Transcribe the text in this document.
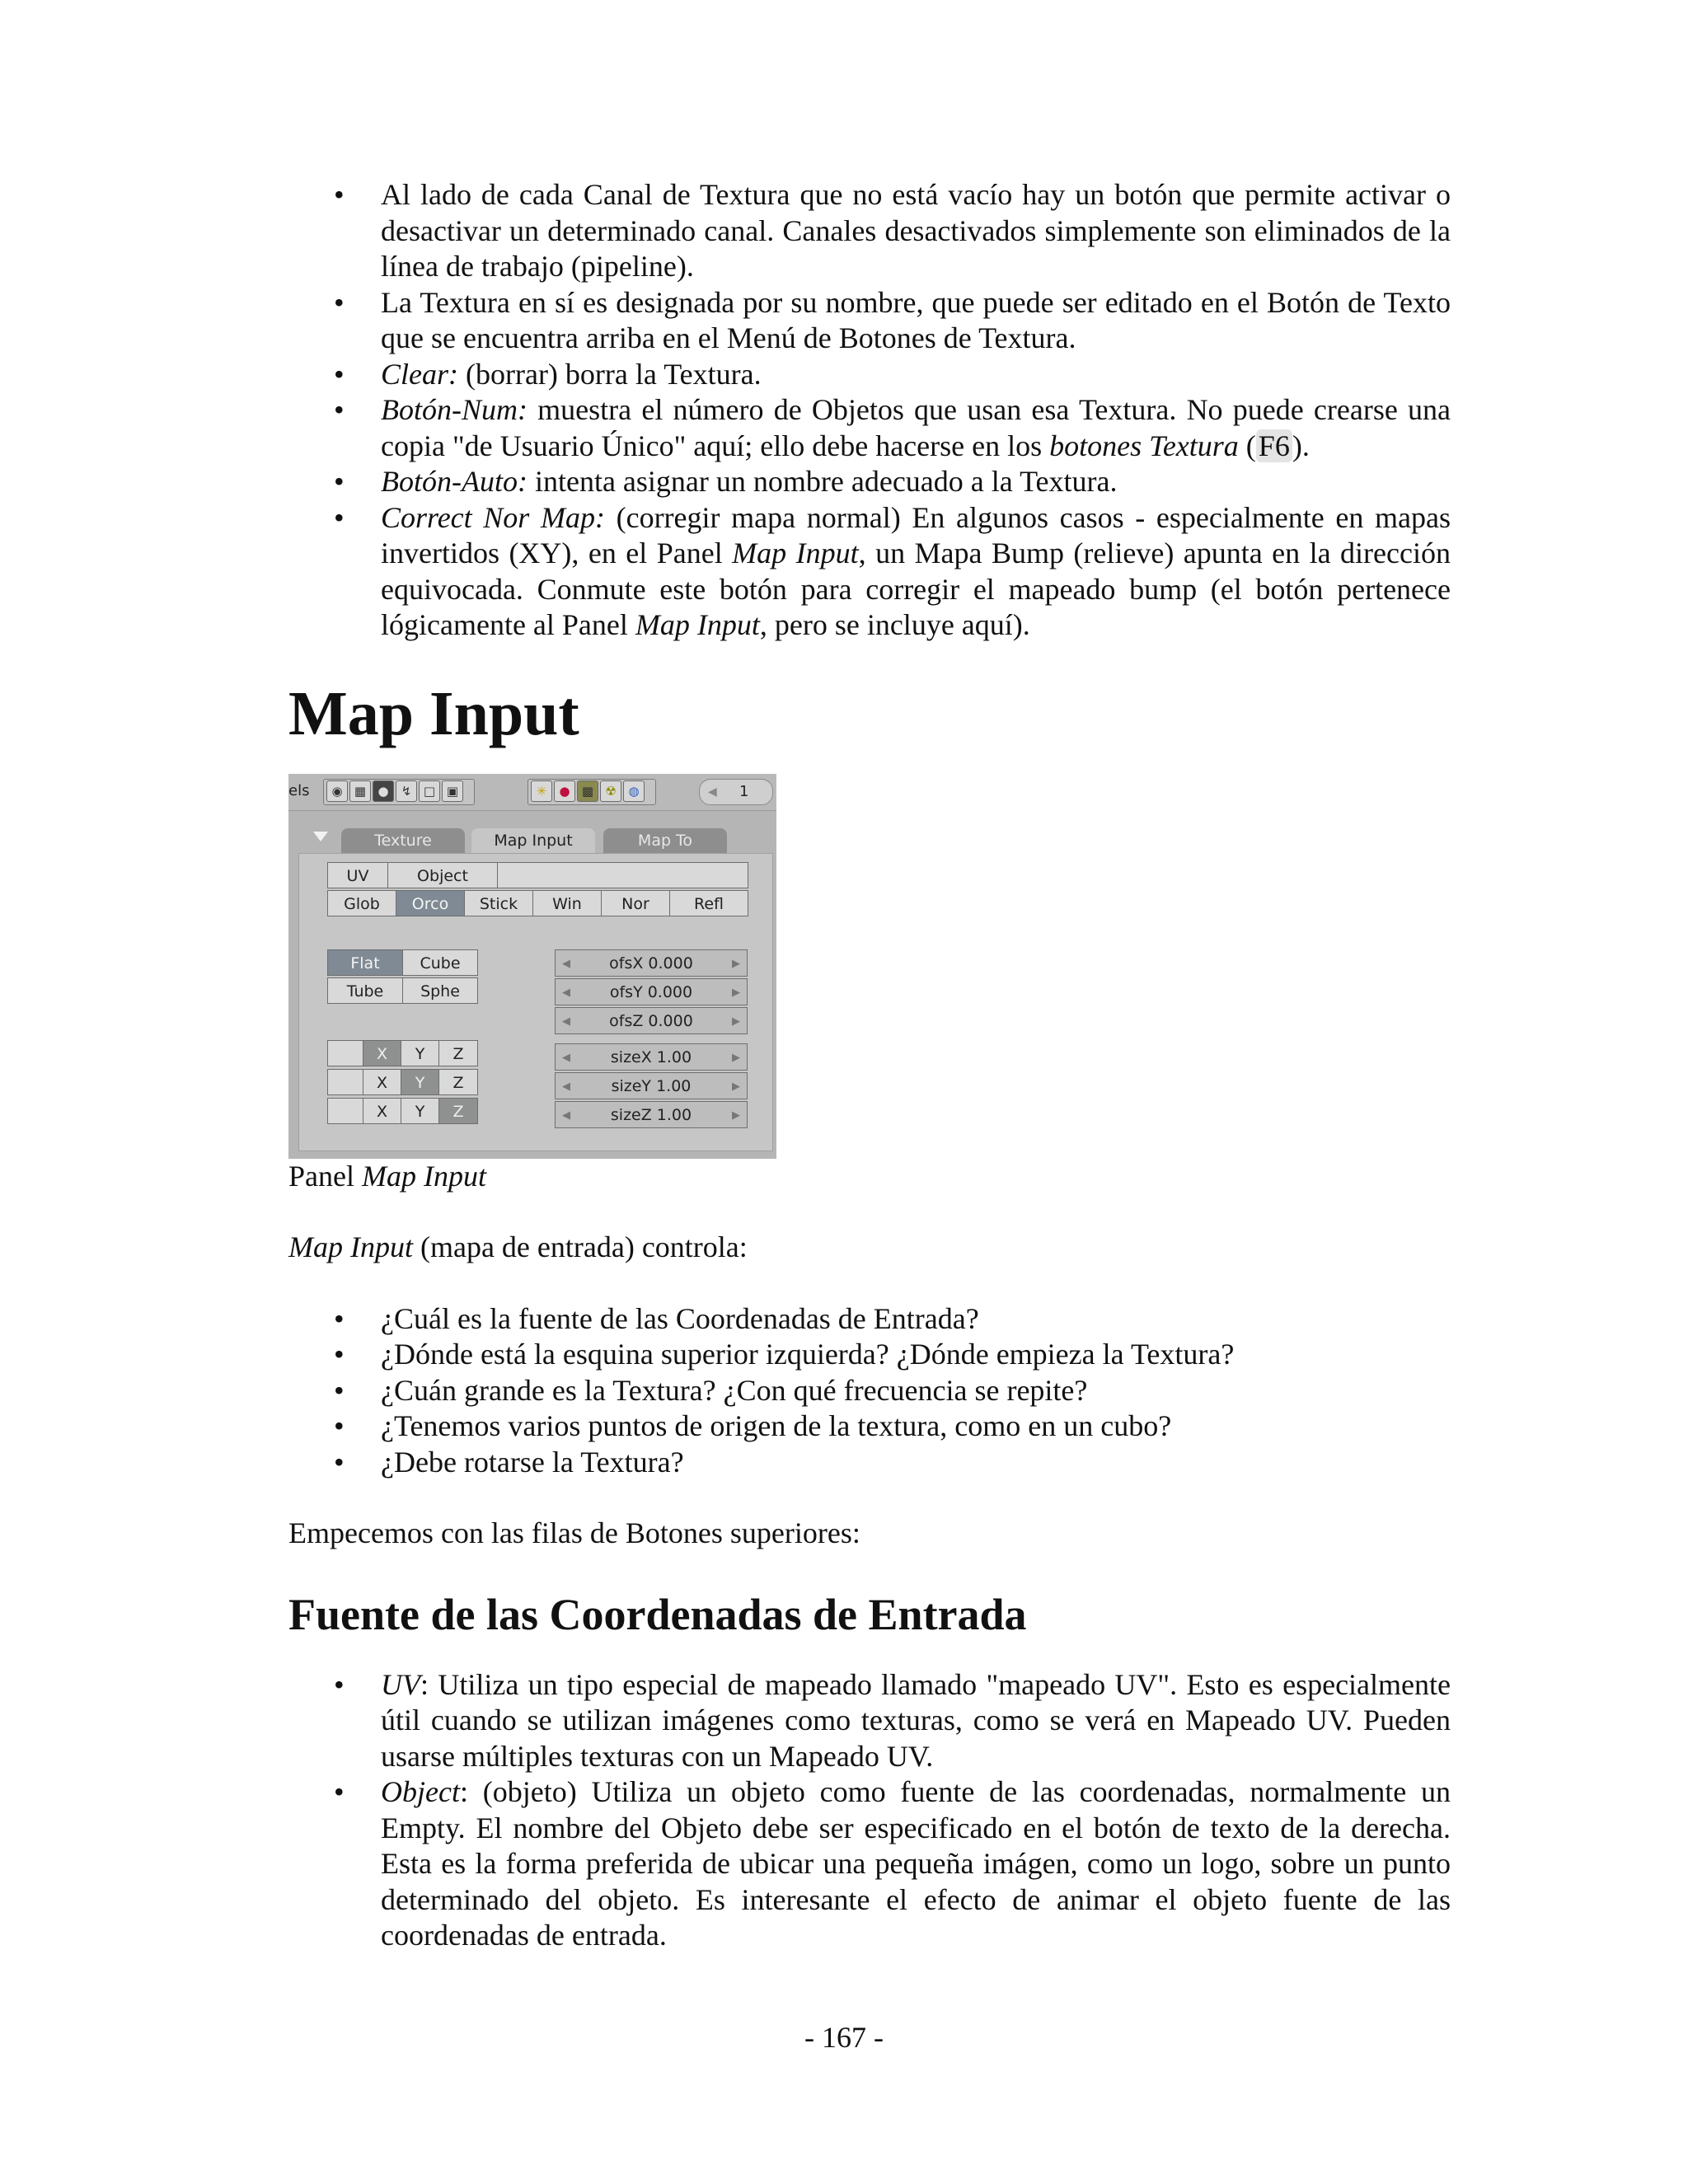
• Al lado de cada Canal de Textura que no está vacío hay un botón que permite activar o desactivar un determinado canal. Canales desactivados simplemente son eliminados de la línea de trabajo (pipeline).
• La Textura en sí es designada por su nombre, que puede ser editado en el Botón de Texto que se encuentra arriba en el Menú de Botones de Textura.
• Clear: (borrar) borra la Textura.
• Botón-Num: muestra el número de Objetos que usan esa Textura. No puede crearse una copia "de Usuario Único" aquí; ello debe hacerse en los botones Textura (F6).
• Botón-Auto: intenta asignar un nombre adecuado a la Textura.
• Correct Nor Map: (corregir mapa normal) En algunos casos - especialmente en mapas invertidos (XY), en el Panel Map Input, un Mapa Bump (relieve) apunta en la dirección equivocada. Conmute este botón para corregir el mapeado bump (el botón pertenece lógicamente al Panel Map Input, pero se incluye aquí).
Map Input
els	◉ ▦ ●	↯ □ ▣	✳	● ▩ ☢ ◍	◀ 1
Texture	Map Input	Map To
UV	Object
Glob	Orco	Stick	Win	Nor	Refl
Flat	Cube
Tube	Sphe
X	Y	Z
X	Y	Z
X	Y	Z
◀ ofsX 0.000	▶
◀	ofsY 0.000	▶
◀ ofsZ 0.000	▶
◀	sizeX 1.00	▶
◀	sizeY 1.00	▶
◀	sizeZ 1.00	▶
Panel Map Input
Map Input (mapa de entrada) controla:
• ¿Cuál es la fuente de las Coordenadas de Entrada?
• ¿Dónde está la esquina superior izquierda? ¿Dónde empieza la Textura?
• ¿Cuán grande es la Textura? ¿Con qué frecuencia se repite?
• ¿Tenemos varios puntos de origen de la textura, como en un cubo?
• ¿Debe rotarse la Textura?
Empecemos con las filas de Botones superiores:
Fuente de las Coordenadas de Entrada
• UV: Utiliza un tipo especial de mapeado llamado "mapeado UV". Esto es especialmente útil cuando se utilizan imágenes como texturas, como se verá en Mapeado UV. Pueden usarse múltiples texturas con un Mapeado UV.
• Object: (objeto) Utiliza un objeto como fuente de las coordenadas, normalmente un Empty. El nombre del Objeto debe ser especificado en el botón de texto de la derecha. Esta es la forma preferida de ubicar una pequeña imágen, como un logo, sobre un punto determinado del objeto. Es interesante el efecto de animar el objeto fuente de las coordenadas de entrada.
- 167 -
